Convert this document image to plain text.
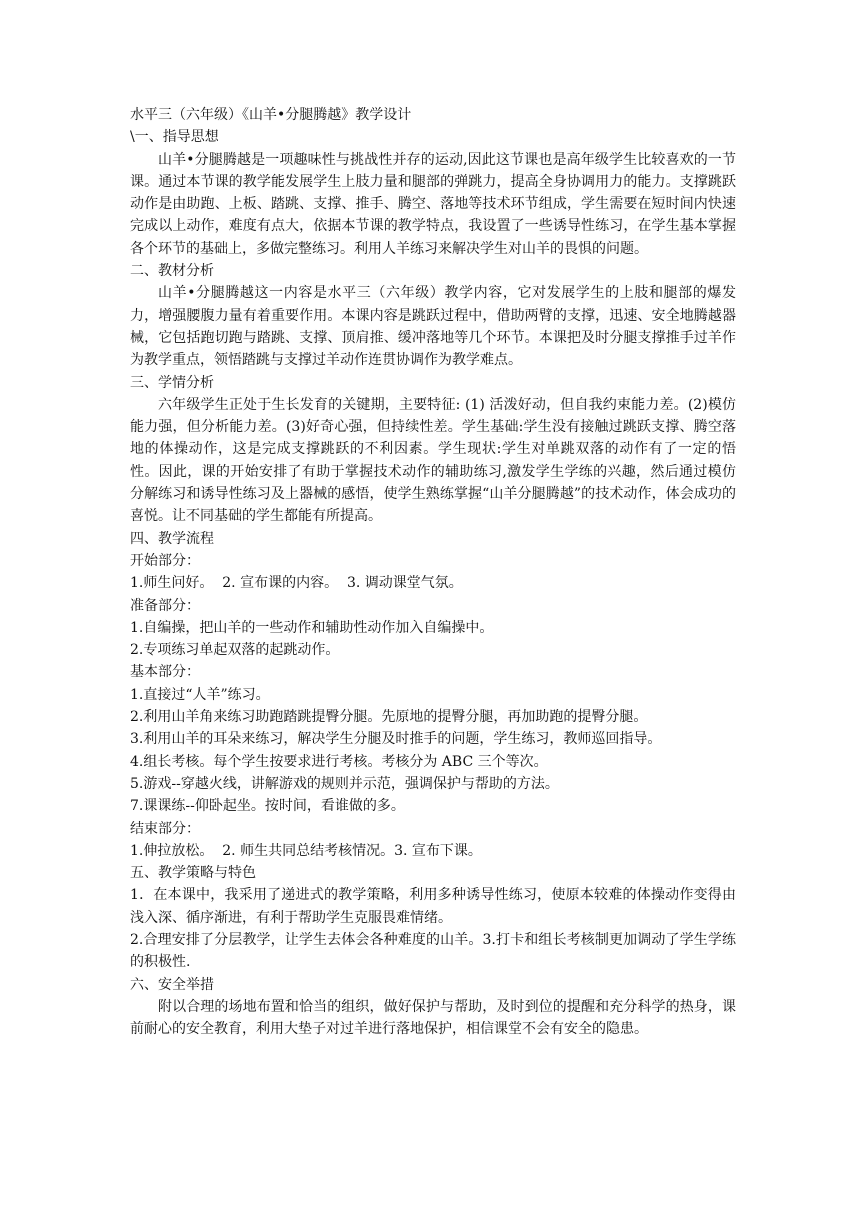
水平三（六年级）《山羊•分腿腾越》教学设计

\一、指导思想

山羊•分腿腾越是一项趣味性与挑战性并存的运动,因此这节课也是高年级学生比较喜欢的一节课。通过本节课的教学能发展学生上肢力量和腿部的弹跳力，提高全身协调用力的能力。支撑跳跃动作是由助跑、上板、踏跳、支撑、推手、腾空、落地等技术环节组成，学生需要在短时间内快速完成以上动作，难度有点大，依据本节课的教学特点，我设置了一些诱导性练习，在学生基本掌握各个环节的基础上，多做完整练习。利用人羊练习来解决学生对山羊的畏惧的问题。

二、教材分析

山羊•分腿腾越这一内容是水平三（六年级）教学内容，它对发展学生的上肢和腿部的爆发力，增强腰腹力量有着重要作用。本课内容是跳跃过程中，借助两臂的支撑，迅速、安全地腾越器械，它包括跑切跑与踏跳、支撑、顶肩推、缓冲落地等几个环节。本课把及时分腿支撑推手过羊作为教学重点，领悟踏跳与支撑过羊动作连贯协调作为教学难点。

三、学情分析

六年级学生正处于生长发育的关键期，主要特征: (1) 活泼好动，但自我约束能力差。(2)模仿能力强，但分析能力差。(3)好奇心强，但持续性差。学生基础:学生没有接触过跳跃支撑、腾空落地的体操动作，这是完成支撑跳跃的不利因素。学生现状:学生对单跳双落的动作有了一定的悟性。因此，课的开始安排了有助于掌握技术动作的辅助练习,激发学生学练的兴趣，然后通过模仿分解练习和诱导性练习及上器械的感悟，使学生熟练掌握“山羊分腿腾越”的技术动作，体会成功的喜悦。让不同基础的学生都能有所提高。

四、教学流程

开始部分：

1.师生问好。  2. 宣布课的内容。  3. 调动课堂气氛。

准备部分：

1.自编操，把山羊的一些动作和辅助性动作加入自编操中。

2.专项练习单起双落的起跳动作。

基本部分：

1.直接过“人羊”练习。

2.利用山羊角来练习助跑踏跳提臀分腿。先原地的提臀分腿，再加助跑的提臀分腿。

3.利用山羊的耳朵来练习，解决学生分腿及时推手的问题，学生练习，教师巡回指导。

4.组长考核。每个学生按要求进行考核。考核分为 ABC 三个等次。

5.游戏--穿越火线，讲解游戏的规则并示范，强调保护与帮助的方法。

7.课课练--仰卧起坐。按时间，看谁做的多。

结束部分：

1.伸拉放松。  2. 师生共同总结考核情况。3. 宣布下课。

五、教学策略与特色

1．在本课中，我采用了递进式的教学策略，利用多种诱导性练习，使原本较难的体操动作变得由浅入深、循序渐进，有利于帮助学生克服畏难情绪。

2.合理安排了分层教学，让学生去体会各种难度的山羊。3.打卡和组长考核制更加调动了学生学练的积极性.

六、安全举措

附以合理的场地布置和恰当的组织，做好保护与帮助，及时到位的提醒和充分科学的热身，课前耐心的安全教育，利用大垫子对过羊进行落地保护，相信课堂不会有安全的隐患。
